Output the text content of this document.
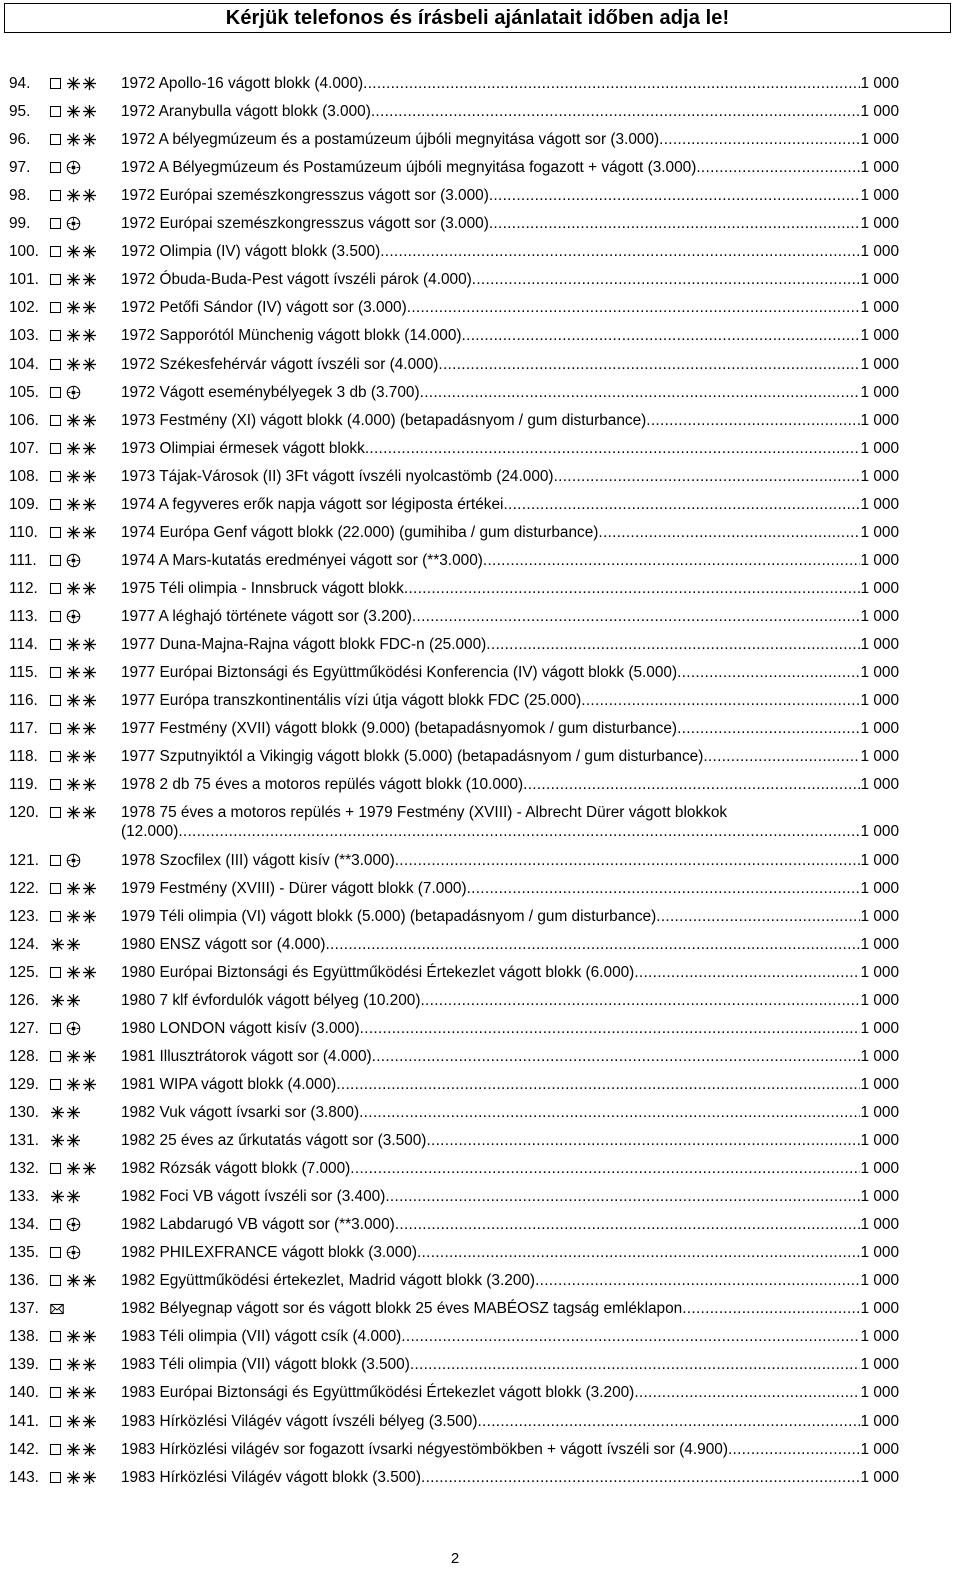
Kérjük telefonos és írásbeli ajánlatait időben adja le!
94.	1972 Apollo-16 vágott blokk (4.000) .....	1 000
95.	1972 Aranybulla vágott blokk (3.000) .....	1 000
96.	1972 A bélyegmúzeum és a postamúzeum újbóli megnyitása vágott sor (3.000) .....	1 000
97.	1972 A Bélyegmúzeum és Postamúzeum újbóli megnyitása fogazott + vágott (3.000) .....	1 000
98.	1972 Európai szemészkongresszus vágott sor (3.000) .....	1 000
99.	1972 Európai szemészkongresszus vágott sor (3.000) .....	1 000
100.	1972 Olimpia (IV) vágott blokk (3.500) .....	1 000
101.	1972 Óbuda-Buda-Pest vágott ívszéli párok (4.000) .....	1 000
102.	1972 Petőfi Sándor (IV) vágott sor (3.000) .....	1 000
103.	1972 Sapporótól Münchenig vágott blokk (14.000) .....	1 000
104.	1972 Székesfehérvár vágott ívszéli sor (4.000) .....	1 000
105.	1972 Vágott eseménybélyegek 3 db (3.700) .....	1 000
106.	1973 Festmény (XI) vágott blokk (4.000) (betapadásnyom / gum disturbance) .....	1 000
107.	1973 Olimpiai érmesek vágott blokk .....	1 000
108.	1973 Tájak-Városok (II) 3Ft vágott ívszéli nyolcastömb (24.000) .....	1 000
109.	1974 A fegyveres erők napja vágott sor légiposta értékei .....	1 000
110.	1974 Európa Genf vágott blokk (22.000) (gumihiba / gum disturbance) .....	1 000
111.	1974 A Mars-kutatás eredményei vágott sor (**3.000) .....	1 000
112.	1975 Téli olimpia - Innsbruck vágott blokk .....	1 000
113.	1977 A léghajó története vágott sor (3.200) .....	1 000
114.	1977 Duna-Majna-Rajna vágott blokk FDC-n (25.000) .....	1 000
115.	1977 Európai Biztonsági és Együttműködési Konferencia (IV) vágott blokk (5.000) .....	1 000
116.	1977 Európa transzkontinentális vízi útja vágott blokk FDC (25.000) .....	1 000
117.	1977 Festmény (XVII) vágott blokk (9.000) (betapadásnyomok / gum disturbance) .....	1 000
118.	1977 Szputnyiktól a Vikingig vágott blokk (5.000) (betapadásnyom / gum disturbance) .....	1 000
119.	1978 2 db 75 éves a motoros repülés vágott blokk (10.000) .....	1 000
120.	1978 75 éves a motoros repülés + 1979 Festmény (XVIII) - Albrecht Dürer vágott blokkok
(12.000) .....	1 000
121.	1978 Szocfilex (III) vágott kisív (**3.000) .....	1 000
122.	1979 Festmény (XVIII) - Dürer vágott blokk (7.000) .....	1 000
123.	1979 Téli olimpia (VI) vágott blokk (5.000) (betapadásnyom / gum disturbance) .....	1 000
124.	1980 ENSZ vágott sor (4.000) .....	1 000
125.	1980 Európai Biztonsági és Együttműködési Értekezlet vágott blokk (6.000) .....	1 000
126.	1980 7 klf évfordulók vágott bélyeg (10.200) .....	1 000
127.	1980 LONDON vágott kisív (3.000) .....	1 000
128.	1981 Illusztrátorok vágott sor (4.000) .....	1 000
129.	1981 WIPA vágott blokk (4.000) .....	1 000
130.	1982 Vuk vágott ívsarki sor (3.800) .....	1 000
131.	1982 25 éves az űrkutatás vágott sor (3.500) .....	1 000
132.	1982 Rózsák vágott blokk (7.000) .....	1 000
133.	1982 Foci VB vágott ívszéli sor (3.400) .....	1 000
134.	1982 Labdarugó VB vágott sor (**3.000) .....	1 000
135.	1982 PHILEXFRANCE vágott blokk (3.000) .....	1 000
136.	1982 Együttműködési értekezlet, Madrid vágott blokk (3.200) .....	1 000
137.	1982 Bélyegnap vágott sor és vágott blokk 25 éves MABÉOSZ tagság emléklapon .....	1 000
138.	1983 Téli olimpia (VII) vágott csík (4.000) .....	1 000
139.	1983 Téli olimpia (VII) vágott blokk (3.500) .....	1 000
140.	1983 Európai Biztonsági és Együttműködési Értekezlet vágott blokk (3.200) .....	1 000
141.	1983 Hírközlési Világév vágott ívszéli bélyeg (3.500) .....	1 000
142.	1983 Hírközlési világév sor fogazott ívsarki négyestömbökben + vágott ívszéli sor (4.900) .....	1 000
143.	1983 Hírközlési Világév vágott blokk (3.500) .....	1 000
2
